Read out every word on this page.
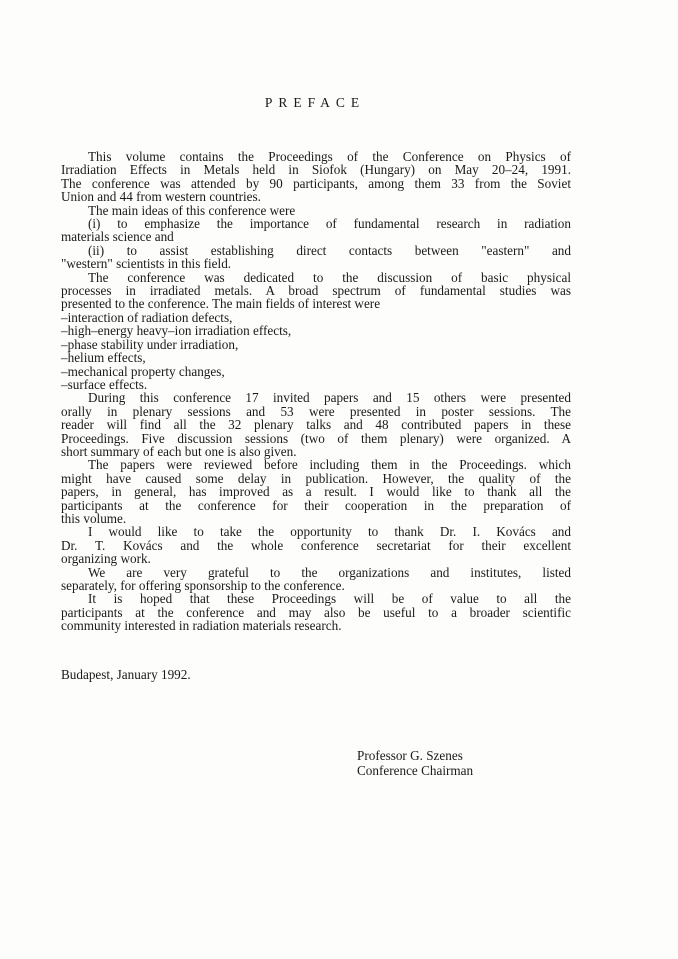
PREFACE
This volume contains the Proceedings of the Conference on Physics of
Irradiation Effects in Metals held in Siofok (Hungary) on May 20–24, 1991.
The conference was attended by 90 participants, among them 33 from the Soviet
Union and 44 from western countries.
The main ideas of this conference were
(i) to emphasize the importance of fundamental research in radiation
materials science and
(ii) to assist establishing direct contacts between "eastern" and
"western" scientists in this field.
The conference was dedicated to the discussion of basic physical
processes in irradiated metals. A broad spectrum of fundamental studies was
presented to the conference. The main fields of interest were
–interaction of radiation defects,
–high–energy heavy–ion irradiation effects,
–phase stability under irradiation,
–helium effects,
–mechanical property changes,
–surface effects.
During this conference 17 invited papers and 15 others were presented
orally in plenary sessions and 53 were presented in poster sessions. The
reader will find all the 32 plenary talks and 48 contributed papers in these
Proceedings. Five discussion sessions (two of them plenary) were organized. A
short summary of each but one is also given.
The papers were reviewed before including them in the Proceedings. which
might have caused some delay in publication. However, the quality of the
papers, in general, has improved as a result. I would like to thank all the
participants at the conference for their cooperation in the preparation of
this volume.
I would like to take the opportunity to thank Dr. I. Kovács and
Dr. T. Kovács and the whole conference secretariat for their excellent
organizing work.
We are very grateful to the organizations and institutes, listed
separately, for offering sponsorship to the conference.
It is hoped that these Proceedings will be of value to all the
participants at the conference and may also be useful to a broader scientific
community interested in radiation materials research.
Budapest, January 1992.
Professor G. Szenes
Conference Chairman
